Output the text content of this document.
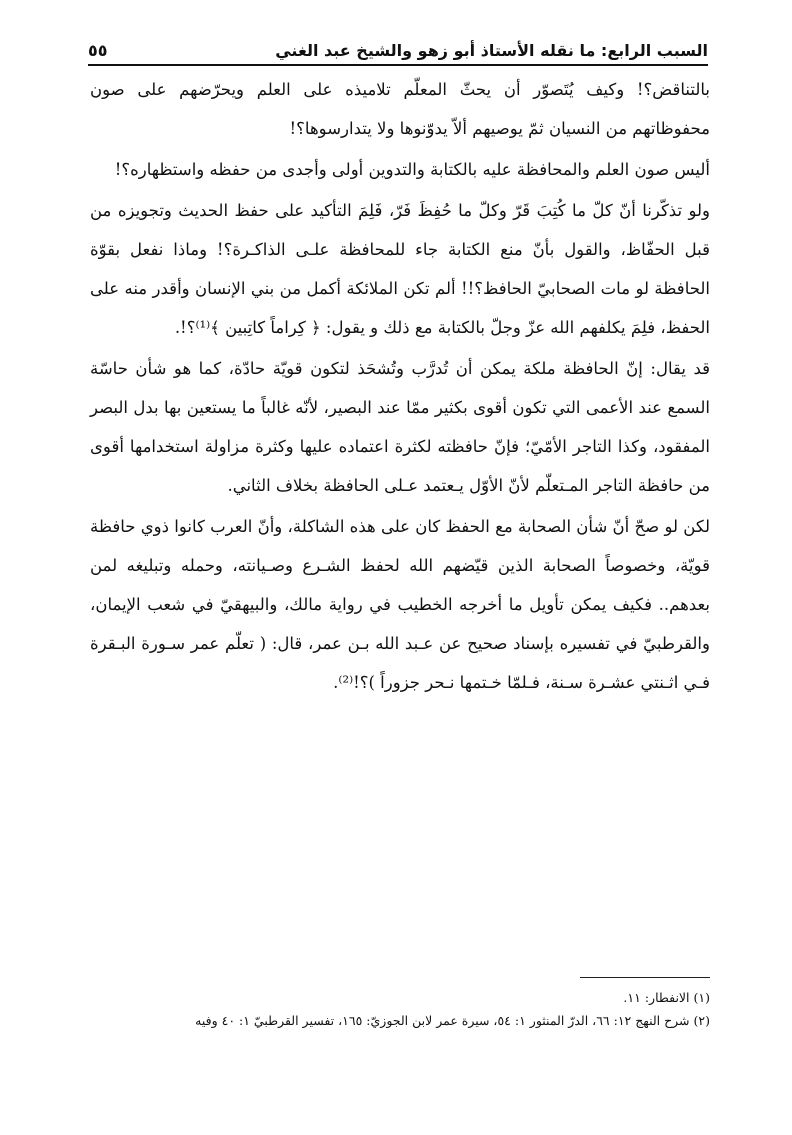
السبب الرابع: ما نقله الأستاذ أبو زهو والشيخ عبد الغني
٥٥

بالتناقض؟! وكيف يُتَصوّر أن يحثّ المعلّم تلاميذه على العلم ويحرّضهم على صون محفوظاتهم من النسيان ثمّ يوصيهم ألاّ يدوّنوها ولا يتدارسوها؟!

أليس صون العلم والمحافظة عليه بالكتابة والتدوين أولى وأجدى من حفظه واستظهاره؟!

ولو تذكّرنا أنّ كلّ ما كُتِبَ قَرّ وكلّ ما حُفِظَ فَرّ، فَلِمَ التأكيد على حفظ الحديث وتجويزه من قبل الحفّاظ، والقول بأنّ منع الكتابة جاء للمحافظة علـى الذاكـرة؟! وماذا نفعل بقوّة الحافظة لو مات الصحابيّ الحافظ؟!! ألم تكن الملائكة أكمل من بني الإنسان وأقدر منه على الحفظ، فلِمَ يكلفهم الله عزّ وجلّ بالكتابة مع ذلك و يقول: ﴿ كِراماً كاتِبين ﴾⁽¹⁾؟!.

قد يقال: إنّ الحافظة ملكة يمكن أن تُدرَّب وتُشحَذ لتكون قويّة حادّة، كما هو شأن حاسّة السمع عند الأعمى التي تكون أقوى بكثير ممّا عند البصير، لأنّه غالباً ما يستعين بها بدل البصر المفقود، وكذا التاجر الأمّيّ؛ فإنّ حافظته لكثرة اعتماده عليها وكثرة مزاولة استخدامها أقوى من حافظة التاجر المـتعلّم لأنّ الأوّل يـعتمد عـلى الحافظة بخلاف الثاني.

لكن لو صحّ أنّ شأن الصحابة مع الحفظ كان على هذه الشاكلة، وأنّ العرب كانوا ذوي حافظة قويّة، وخصوصاً الصحابة الذين قيّضهم الله لحفظ الشـرع وصـيانته، وحمله وتبليغه لمن بعدهم.. فكيف يمكن تأويل ما أخرجه الخطيب في رواية مالك، والبيهقيّ في شعب الإيمان، والقرطبيّ في تفسيره بإسناد صحيح عن عـبد الله بـن عمر، قال: ( تعلّم عمر سـورة البـقرة فـي اثـنتي عشـرة سـنة، فـلمّا خـتمها نـحر جزوراً )؟!⁽²⁾.

(١) الانفطار: ١١.

(٢) شرح النهج ١٢: ٦٦، الدرّ المنثور ١: ٥٤، سيرة عمر لابن الجوزيّ: ١٦٥، تفسير القرطبيّ ١: ٤٠ وفيه
